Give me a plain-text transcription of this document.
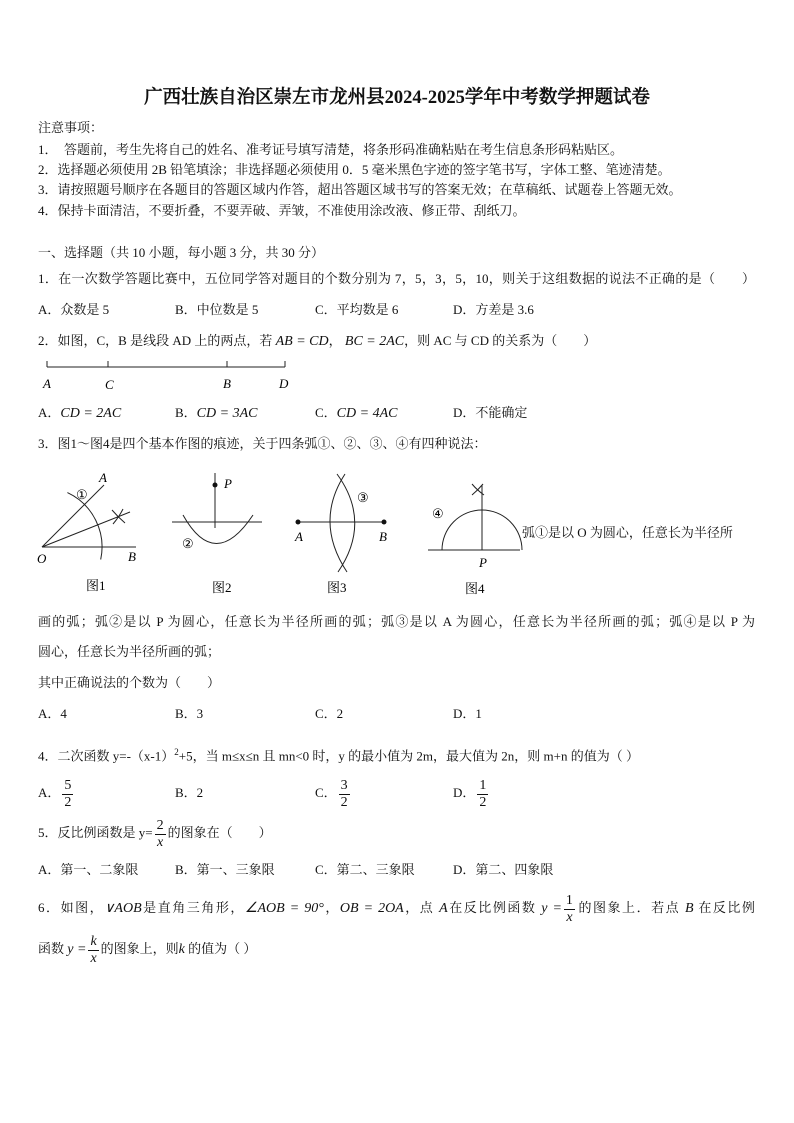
广西壮族自治区崇左市龙州县2024-2025学年中考数学押题试卷
注意事项：
1．　答题前，考生先将自己的姓名、准考证号填写清楚，将条形码准确粘贴在考生信息条形码粘贴区。
2．选择题必须使用 2B 铅笔填涂；非选择题必须使用 0．5 毫米黑色字迹的签字笔书写，字体工整、笔迹清楚。
3．请按照题号顺序在各题目的答题区域内作答，超出答题区域书写的答案无效；在草稿纸、试题卷上答题无效。
4．保持卡面清洁，不要折叠，不要弄破、弄皱，不准使用涂改液、修正带、刮纸刀。
一、选择题（共 10 小题，每小题 3 分，共 30 分）
1．在一次数学答题比赛中，五位同学答对题目的个数分别为 7，5，3，5，10，则关于这组数据的说法不正确的是（　　）
A．众数是 5	B．中位数是 5	C．平均数是 6	D．方差是 3.6
2．如图，C，B 是线段 AD 上的两点，若 AB = CD， BC = 2AC，则 AC 与 CD 的关系为（　　）
A	C	B	D
A．CD = 2AC	B．CD = 3AC	C．CD = 4AC	D．不能确定
3．图1～图4是四个基本作图的痕迹，关于四条弧①、②、③、④有四种说法：
A
①
O	B
图1
P
②
图2
③
A	B
图3
④
P
图4
弧①是以 O 为圆心，任意长为半径所
画的弧；弧②是以 P 为圆心，任意长为半径所画的弧；弧③是以 A 为圆心，任意长为半径所画的弧；弧④是以 P 为
圆心，任意长为半径所画的弧；
其中正确说法的个数为（　　）
A．4	B．3	C．2	D．1
4．二次函数 $y=-(x-1)^2+5$，当 m≤x≤n 且 mn<0 时，y 的最小值为 2m，最大值为 2n，则 m+n 的值为（ ）
A． $\frac{5}{2}$	B．2	C． $\frac{3}{2}$	D． $\frac{1}{2}$
5．反比例函数是 $y= \frac{2}{x}$ 的图象在（　　）
A．第一、二象限	B．第一、三象限	C．第二、三象限	D．第二、四象限
6．如图，∨AOB是直角三角形，∠AOB = 90°，OB = 2OA，点 A在反比例函数 $y = \frac{1}{x}$ 的图象上．若点 B 在反比例
函数 $y = \frac{k}{x}$ 的图象上，则k 的值为（ ）
